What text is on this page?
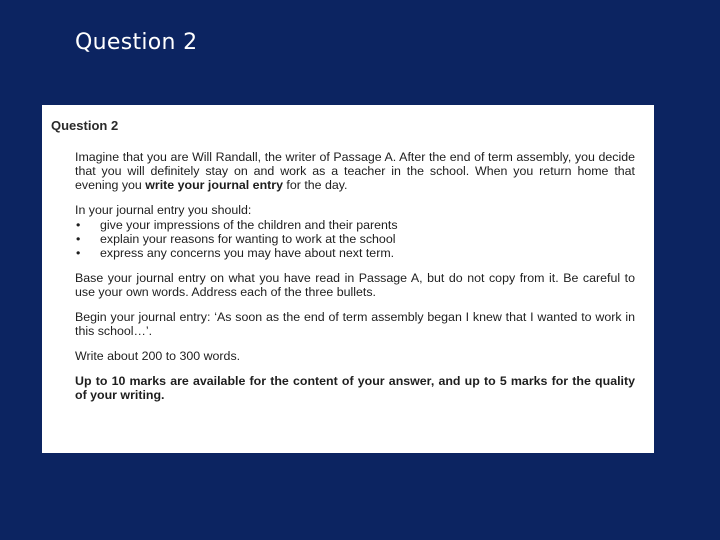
Question 2
Question 2

Imagine that you are Will Randall, the writer of Passage A. After the end of term assembly, you decide that you will definitely stay on and work as a teacher in the school. When you return home that evening you write your journal entry for the day.

In your journal entry you should:

• give your impressions of the children and their parents
• explain your reasons for wanting to work at the school
• express any concerns you may have about next term.

Base your journal entry on what you have read in Passage A, but do not copy from it. Be careful to use your own words. Address each of the three bullets.

Begin your journal entry: ‘As soon as the end of term assembly began I knew that I wanted to work in this school…’.

Write about 200 to 300 words.

Up to 10 marks are available for the content of your answer, and up to 5 marks for the quality of your writing.
